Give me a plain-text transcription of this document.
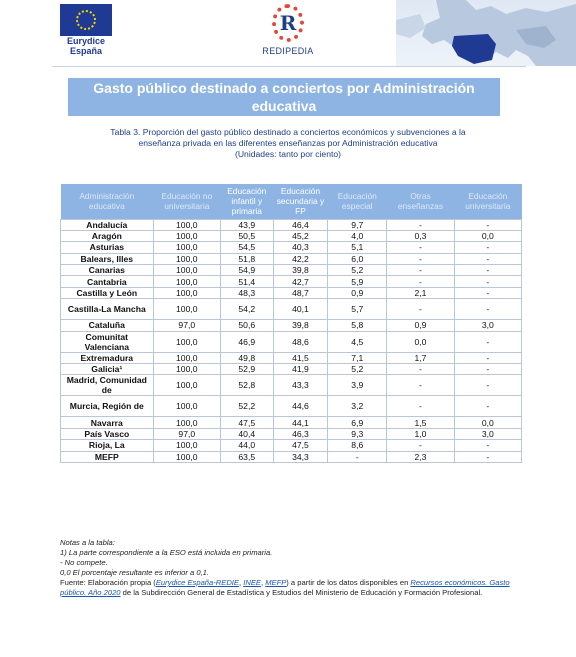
Eurydice
España
R
REDIPEDIA
Gasto público destinado a conciertos por Administración educativa
Tabla 3. Proporción del gasto público destinado a conciertos económicos y subvenciones a la
enseñanza privada en las diferentes enseñanzas por Administración educativa
(Unidades: tanto por ciento)
Administración educativa	Educación no universitaria	Educación infantil y primaria	Educación secundaria y FP	Educación especial	Otras enseñanzas	Educación universitaria
Andalucía	100,0	43,9	46,4	9,7	-	-
Aragón	100,0	50,5	45,2	4,0	0,3	0,0
Asturias	100,0	54,5	40,3	5,1	-	-
Balears, Illes	100,0	51,8	42,2	6,0	-	-
Canarias	100,0	54,9	39,8	5,2	-	-
Cantabria	100,0	51,4	42,7	5,9	-	-
Castilla y León	100,0	48,3	48,7	0,9	2,1	-
Castilla-La Mancha	100,0	54,2	40,1	5,7	-	-
Cataluña	97,0	50,6	39,8	5,8	0,9	3,0
Comunitat Valenciana	100,0	46,9	48,6	4,5	0,0	-
Extremadura	100,0	49,8	41,5	7,1	1,7	-
Galicia¹	100,0	52,9	41,9	5,2	-	-
Madrid, Comunidad de	100,0	52,8	43,3	3,9	-	-
Murcia, Región de	100,0	52,2	44,6	3,2	-	-
Navarra	100,0	47,5	44,1	6,9	1,5	0,0
País Vasco	97,0	40,4	46,3	9,3	1,0	3,0
Rioja, La	100,0	44,0	47,5	8,6	-	-
MEFP	100,0	63,5	34,3	-	2,3	-
Notas a la tabla:
1) La parte correspondiente a la ESO está incluida en primaria.
- No compete.
0,0 El porcentaje resultante es inferior a 0,1.
Fuente: Elaboración propia (Eurydice España-REDIE, INEE, MEFP) a partir de los datos disponibles en Recursos económicos. Gasto público. Año 2020 de la Subdirección General de Estadística y Estudios del Ministerio de Educación y Formación Profesional.
